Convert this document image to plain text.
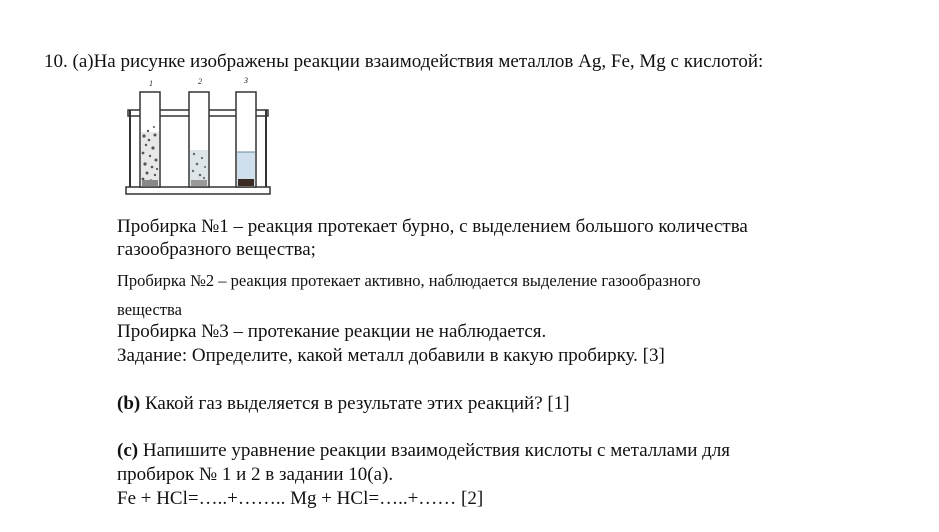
10. (a)На рисунке изображены реакции взаимодействия металлов Ag, Fe, Mg с кислотой:
1	2	3
Пробирка №1 – реакция протекает бурно, с выделением большого количества
газообразного вещества;
Пробирка №2 – реакция протекает активно, наблюдается выделение газообразного
вещества
Пробирка №3 – протекание реакции не наблюдается.
Задание: Определите, какой металл добавили в какую пробирку. [3]
(b) Какой газ выделяется в результате этих реакций? [1]
(c) Напишите уравнение реакции взаимодействия кислоты с металлами для
пробирок № 1 и 2 в задании 10(a).
Fe + HCl=…..+…….. Mg + HCl=…..+…… [2]
